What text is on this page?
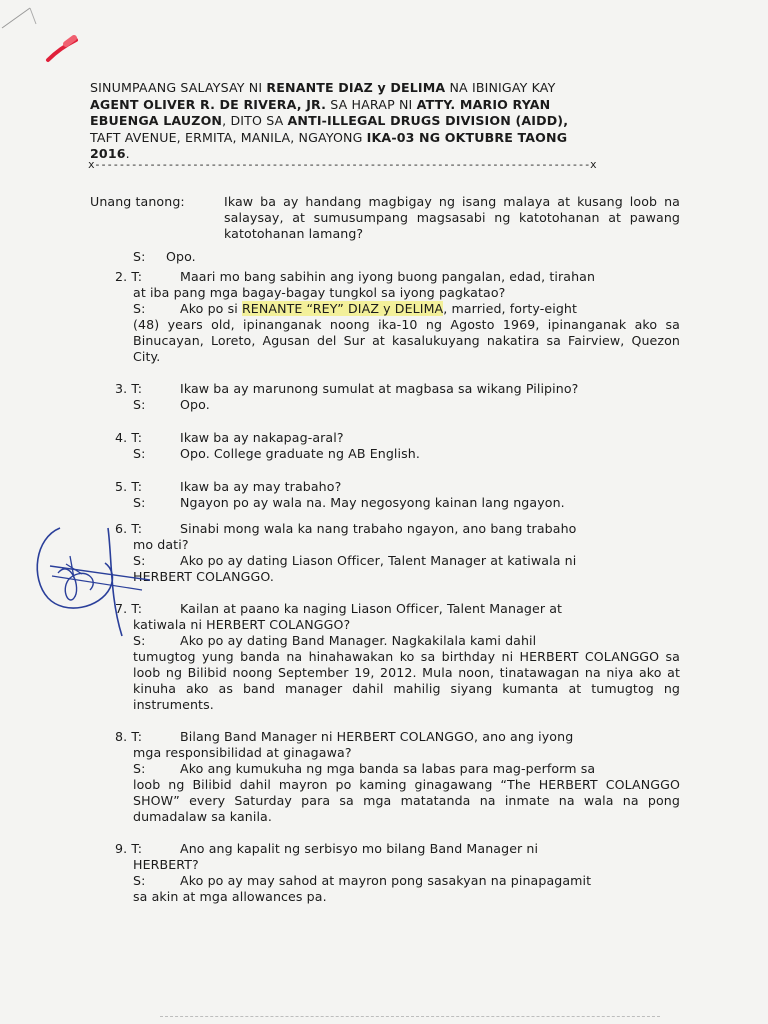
SINUMPAANG SALAYSAY NI RENANTE DIAZ y DELIMA NA IBINIGAY KAY
AGENT OLIVER R. DE RIVERA, JR. SA HARAP NI ATTY. MARIO RYAN
EBUENGA LAUZON, DITO SA ANTI-ILLEGAL DRUGS DIVISION (AIDD),
TAFT AVENUE, ERMITA, MANILA, NGAYONG IKA-03 NG OKTUBRE TAONG
2016.
x---------------------------------------------------------------------------------x
Unang tanong:	Ikaw ba ay handang magbigay ng isang malaya at kusang loob na salaysay, at sumusumpang magsasabi ng katotohanan at pawang katotohanan lamang?
S: Opo.
2. T:	Maari mo bang sabihin ang iyong buong pangalan, edad, tirahan
at iba pang mga bagay-bagay tungkol sa iyong pagkatao?
S:	Ako po si RENANTE “REY” DIAZ y DELIMA, married, forty-eight
(48) years old, ipinanganak noong ika-10 ng Agosto 1969, ipinanganak ako sa Binucayan, Loreto, Agusan del Sur at kasalukuyang nakatira sa Fairview, Quezon City.
3. T:	Ikaw ba ay marunong sumulat at magbasa sa wikang Pilipino?
S:	Opo.
4. T:	Ikaw ba ay nakapag-aral?
S:	Opo. College graduate ng AB English.
5. T:	Ikaw ba ay may trabaho?
S:	Ngayon po ay wala na. May negosyong kainan lang ngayon.
6. T:	Sinabi mong wala ka nang trabaho ngayon, ano bang trabaho
mo dati?
S:	Ako po ay dating Liason Officer, Talent Manager at katiwala ni
HERBERT COLANGGO.
7. T:	Kailan at paano ka naging Liason Officer, Talent Manager at
katiwala ni HERBERT COLANGGO?
S:	Ako po ay dating Band Manager. Nagkakilala kami dahil
tumugtog yung banda na hinahawakan ko sa birthday ni HERBERT COLANGGO sa loob ng Bilibid noong September 19, 2012. Mula noon, tinatawagan na niya ako at kinuha ako as band manager dahil mahilig siyang kumanta at tumugtog ng instruments.
8. T:	Bilang Band Manager ni HERBERT COLANGGO, ano ang iyong
mga responsibilidad at ginagawa?
S:	Ako ang kumukuha ng mga banda sa labas para mag-perform sa
loob ng Bilibid dahil mayron po kaming ginagawang “The HERBERT COLANGGO SHOW” every Saturday para sa mga matatanda na inmate na wala na pong dumadalaw sa kanila.
9. T:	Ano ang kapalit ng serbisyo mo bilang Band Manager ni
HERBERT?
S:	Ako po ay may sahod at mayron pong sasakyan na pinapagamit
sa akin at mga allowances pa.
